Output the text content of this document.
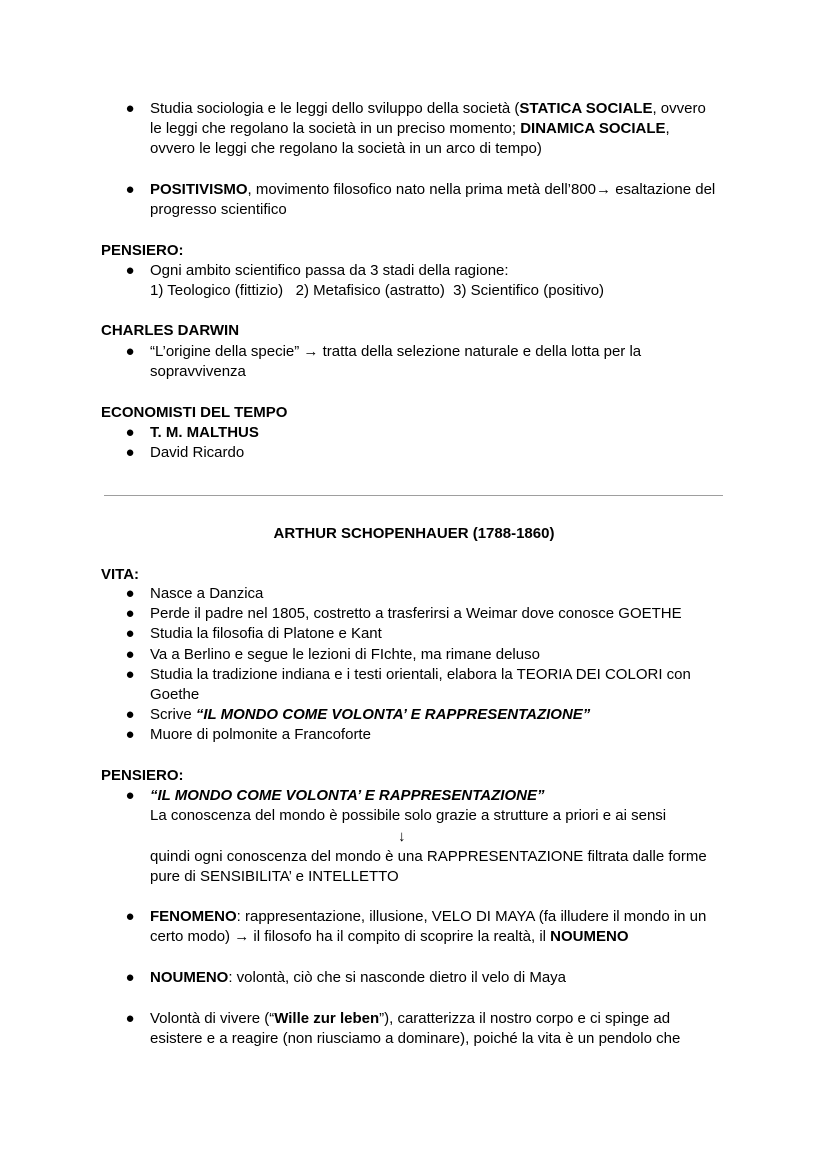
● Studia sociologia e le leggi dello sviluppo della società (STATICA SOCIALE, ovvero
le leggi che regolano la società in un preciso momento; DINAMICA SOCIALE,
ovvero le leggi che regolano la società in un arco di tempo)
● POSITIVISMO, movimento filosofico nato nella prima metà dell’800→ esaltazione del
progresso scientifico
PENSIERO:
● Ogni ambito scientifico passa da 3 stadi della ragione:
1) Teologico (fittizio)   2) Metafisico (astratto)  3) Scientifico (positivo)
CHARLES DARWIN
● “L’origine della specie” → tratta della selezione naturale e della lotta per la
sopravvivenza
ECONOMISTI DEL TEMPO
● T. M. MALTHUS
● David Ricardo
ARTHUR SCHOPENHAUER (1788-1860)
VITA:
● Nasce a Danzica
● Perde il padre nel 1805, costretto a trasferirsi a Weimar dove conosce GOETHE
● Studia la filosofia di Platone e Kant
● Va a Berlino e segue le lezioni di FIchte, ma rimane deluso
● Studia la tradizione indiana e i testi orientali, elabora la TEORIA DEI COLORI con
Goethe
● Scrive “IL MONDO COME VOLONTA’ E RAPPRESENTAZIONE”
● Muore di polmonite a Francoforte
PENSIERO:
● “IL MONDO COME VOLONTA’ E RAPPRESENTAZIONE”
La conoscenza del mondo è possibile solo grazie a strutture a priori e ai sensi
↓
quindi ogni conoscenza del mondo è una RAPPRESENTAZIONE filtrata dalle forme
pure di SENSIBILITA’ e INTELLETTO
● FENOMENO: rappresentazione, illusione, VELO DI MAYA (fa illudere il mondo in un
certo modo) → il filosofo ha il compito di scoprire la realtà, il NOUMENO
● NOUMENO: volontà, ciò che si nasconde dietro il velo di Maya
● Volontà di vivere (“Wille zur leben”), caratterizza il nostro corpo e ci spinge ad
esistere e a reagire (non riusciamo a dominare), poiché la vita è un pendolo che
